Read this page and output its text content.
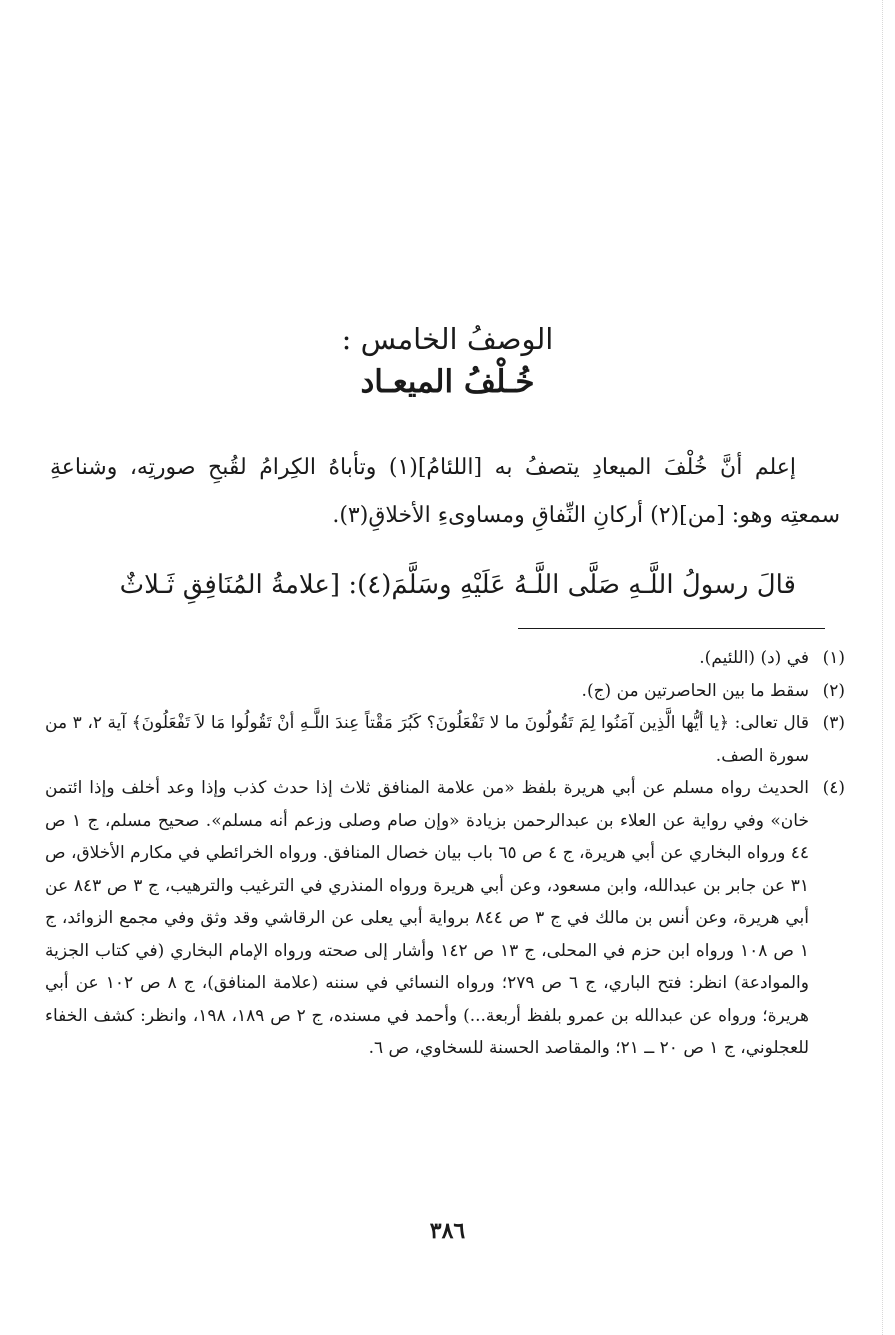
الوصفُ الخامس :

خُـلْفُ الميعـاد

إعلم أنَّ خُلْفَ الميعادِ يتصفُ به [اللئامُ](١) وتأباهُ الكِرامُ لقُبحِ صورتِه، وشناعةِ سمعتِه وهو: [من](٢) أركانِ النِّفاقِ ومساوىءِ الأخلاقِ(٣).

قالَ رسولُ اللَّـهِ صَلَّى اللَّـهُ عَلَيْهِ وسَلَّمَ(٤): [علامةُ المُنَافِقِ ثَـلاثٌ

(١)
في (د) (اللئيم).
(٢)
سقط ما بين الحاصرتين من (ج).
(٣)
قال تعالى: ﴿يا أيُّها الَّذِين آمَنُوا لِمَ تَقُولُونَ ما لا تَفْعَلُونَ؟ كَبُرَ مَقْتاً عِندَ اللَّـهِ أنْ تَقُولُوا مَا لاَ تَفْعَلُونَ﴾ آية ٢، ٣ من سورة الصف.
(٤)
الحديث رواه مسلم عن أبي هريرة بلفظ «من علامة المنافق ثلاث إذا حدث كذب وإذا وعد أخلف وإذا ائتمن خان» وفي رواية عن العلاء بن عبدالرحمن بزيادة «وإن صام وصلى وزعم أنه مسلم». صحيح مسلم، ج ١ ص ٤٤ ورواه البخاري عن أبي هريرة، ج ٤ ص ٦٥ باب بيان خصال المنافق. ورواه الخرائطي في مكارم الأخلاق، ص ٣١ عن جابر بن عبدالله، وابن مسعود، وعن أبي هريرة ورواه المنذري في الترغيب والترهيب، ج ٣ ص ٨٤٣ عن أبي هريرة، وعن أنس بن مالك في ج ٣ ص ٨٤٤ برواية أبي يعلى عن الرقاشي وقد وثق وفي مجمع الزوائد، ج ١ ص ١٠٨ ورواه ابن حزم في المحلى، ج ١٣ ص ١٤٢ وأشار إلى صحته ورواه الإمام البخاري (في كتاب الجزية والموادعة) انظر: فتح الباري، ج ٦ ص ٢٧٩؛ ورواه النسائي في سننه (علامة المنافق)، ج ٨ ص ١٠٢ عن أبي هريرة؛ ورواه عن عبدالله بن عمرو بلفظ أربعة...) وأحمد في مسنده، ج ٢ ص ١٨٩، ١٩٨، وانظر: كشف الخفاء للعجلوني، ج ١ ص ٢٠ ــ ٢١؛ والمقاصد الحسنة للسخاوي، ص ٦.
٣٨٦
